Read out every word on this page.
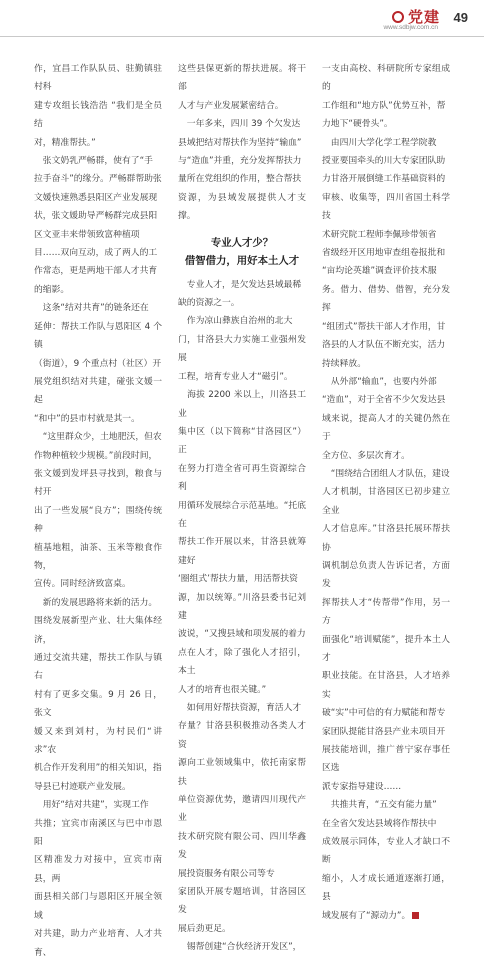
党建
www.sdbjw.com.cn
49

作，宜昌工作队队员、驻勤镇驻村科
建专攻组长钱浩浩 “我们是全员结
对，精准帮扶。”
　张文奶乳严畅群，使有了“手
拉手奋斗”的缘分。严畅群帮助张
文媛快速熟悉县阳区产业发展现
状，张文媛助导严畅群完成县阳
区文亚丰来带领致富种植项
目……双向互动，成了两人的工
作常态，更是两地干部人才共育
的缩影。
　这条“结对共育”的链条还在
延伸：帮扶工作队与恩阳区 4 个镇
（街道），9 个重点村（社区）开
展党组织结对共建，碰张文媛一起
“和中”的县市村就是其一。
　“这里群众少，土地肥沃，但农
作物种植较少规模。”前段时间，
张文媛到发坪县寻找到，粮食与村开
出了一些发展“良方”；围绕传统种
植基地粗，油茶、玉米等粮食作物，
宣传。同时经济致富桌。
　新的发展思路将来新的活力。
围绕发展新型产业、壮大集体经济，
通过交流共建，帮扶工作队与镇右
村有了更多交集。9 月 26 日，张文
媛又来到刘村，为村民们“讲求”农
机合作开发利用”的相关知识，指
导县已村迹联产业发展。
　用好“结对共建”，实现工作
共推；宜宾市南溪区与巴中市恩阳
区精准发力对接中，宣宾市南县，两
面县相关部门与恩阳区开展全领域
对共建，助力产业培育、人才共育、

这些县保更新的帮扶进展。将干部
人才与产业发展紧密结合。
　一年多来，四川 39 个欠发达
县域把结对帮扶作为坚持“输血”
与“造血”并重，充分发挥帮扶力
量所在党组织的作用，整合帮扶
资源，为县域发展提供人才支撑。

专业人才少？
借智借力，用好本土人才

　专业人才，是欠发达县域最稀
缺的资源之一。
　作为凉山彝族自治州的北大
门，甘洛县大力实施工业强州发展
工程，培育专业人才“磁引”。
　海拔 2200 米以上，川洛县工业
集中区（以下简称“甘洛园区”）正
在努力打造全省可再生资源综合利
用循环发展综合示范基地。“托底在
帮扶工作开展以来，甘洛县就筹建好
‘圈组式’帮扶力量，用活帮扶资
源，加以统筹。”川洛县委书记刘建
波说，“又搜县域和项发展的着力
点在人才，除了强化人才招引，本土
人才的培育也很关键。”
　如何用好帮扶资源，育活人才
存量？甘洛县积极推动各类人才资
源向工业领域集中，依托南家帮扶
单位资源优势，邀请四川现代产业
技术研究院有限公司、四川华鑫发
展投资服务有限公司等专
家团队开展专题培训，甘洛园区发
展后劲更足。
　锡帮创建“合伙经济开发区”，

一支由高校、科研院所专家组成的
工作组和“地方队”优势互补，帮
力地下“硬骨头”。
　由四川大学化学工程学院教
授亚要国牵头的川大专家团队助
力甘洛开展倒缝工作基础资料的
审核、收集等，四川省国土科学技
术研究院工程师李佩珍带领省
省级经开区用地审查组卷报批和
“亩均论英雄”调查评价技术服
务。借力、借势、借智，充分发挥
“组团式”帮扶干部人才作用，甘
洛县的人才队伍不断充实，活力
持续释放。
　从外部“输血”，也要内外部
“造血”，对于全省不少欠发达县
域来说，提高人才的关键仍然在于
全方位、多层次育才。
　“围绕结合团组人才队伍，建设
人才机制，甘洛园区已初步建立全业
人才信息库。”甘洛县托展环帮扶协
调机制总负责人告诉记者，方面发
挥帮扶人才“传帮带”作用，另一方
面强化“培训赋能”，提升本土人才
职业技能。在甘洛县，人才培养实
破“实”中可信的有力赋能和帮专
家团队提能甘洛县产业未项目开
展技能培训，推广普宁家存事任区选
派专家指导建设……
　共推共育，“五交有能力量”
在全省欠发达县域将作帮扶中
成效展示同体，专业人才缺口不断
缩小，人才成长通道逐渐打通，县
域发展有了“源动力”。
